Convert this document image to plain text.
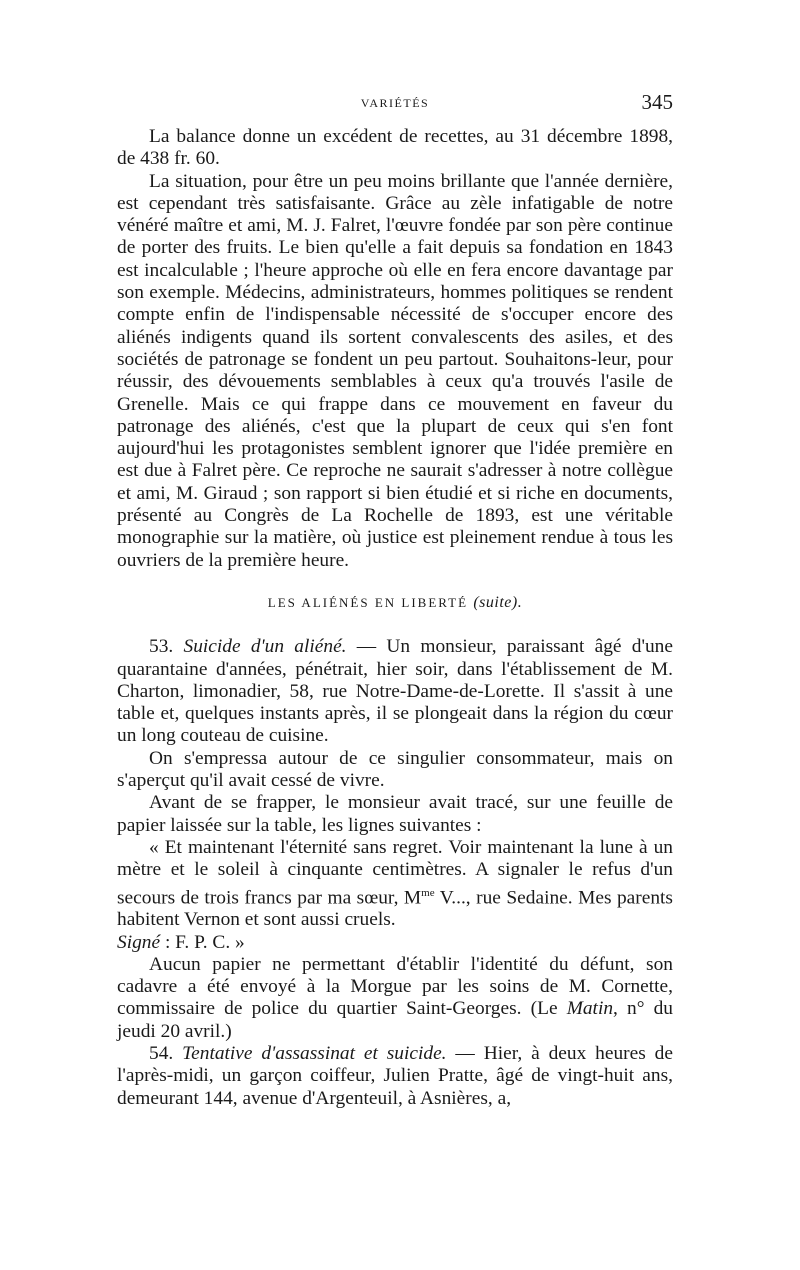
VARIÉTÉS	345

La balance donne un excédent de recettes, au 31 décembre 1898, de 438 fr. 60.

La situation, pour être un peu moins brillante que l'année dernière, est cependant très satisfaisante. Grâce au zèle infatigable de notre vénéré maître et ami, M. J. Falret, l'œuvre fondée par son père continue de porter des fruits. Le bien qu'elle a fait depuis sa fondation en 1843 est incalculable ; l'heure approche où elle en fera encore davantage par son exemple. Médecins, administrateurs, hommes politiques se rendent compte enfin de l'indispensable nécessité de s'occuper encore des aliénés indigents quand ils sortent convalescents des asiles, et des sociétés de patronage se fondent un peu partout. Souhaitons-leur, pour réussir, des dévouements semblables à ceux qu'a trouvés l'asile de Grenelle. Mais ce qui frappe dans ce mouvement en faveur du patronage des aliénés, c'est que la plupart de ceux qui s'en font aujourd'hui les protagonistes semblent ignorer que l'idée première en est due à Falret père. Ce reproche ne saurait s'adresser à notre collègue et ami, M. Giraud ; son rapport si bien étudié et si riche en documents, présenté au Congrès de La Rochelle de 1893, est une véritable monographie sur la matière, où justice est pleinement rendue à tous les ouvriers de la première heure.

LES ALIÉNÉS EN LIBERTÉ (suite).

53. Suicide d'un aliéné. — Un monsieur, paraissant âgé d'une quarantaine d'années, pénétrait, hier soir, dans l'établissement de M. Charton, limonadier, 58, rue Notre-Dame-de-Lorette. Il s'assit à une table et, quelques instants après, il se plongeait dans la région du cœur un long couteau de cuisine.

On s'empressa autour de ce singulier consommateur, mais on s'aperçut qu'il avait cessé de vivre.

Avant de se frapper, le monsieur avait tracé, sur une feuille de papier laissée sur la table, les lignes suivantes :

« Et maintenant l'éternité sans regret. Voir maintenant la lune à un mètre et le soleil à cinquante centimètres. A signaler le refus d'un secours de trois francs par ma sœur, $M^{me}$ V..., rue Sedaine. Mes parents habitent Vernon et sont aussi cruels.

Signé : F. P. C. »

Aucun papier ne permettant d'établir l'identité du défunt, son cadavre a été envoyé à la Morgue par les soins de M. Cornette, commissaire de police du quartier Saint-Georges. (Le Matin, n° du jeudi 20 avril.)

54. Tentative d'assassinat et suicide. — Hier, à deux heures de l'après-midi, un garçon coiffeur, Julien Pratte, âgé de vingt-huit ans, demeurant 144, avenue d'Argenteuil, à Asnières, a,
